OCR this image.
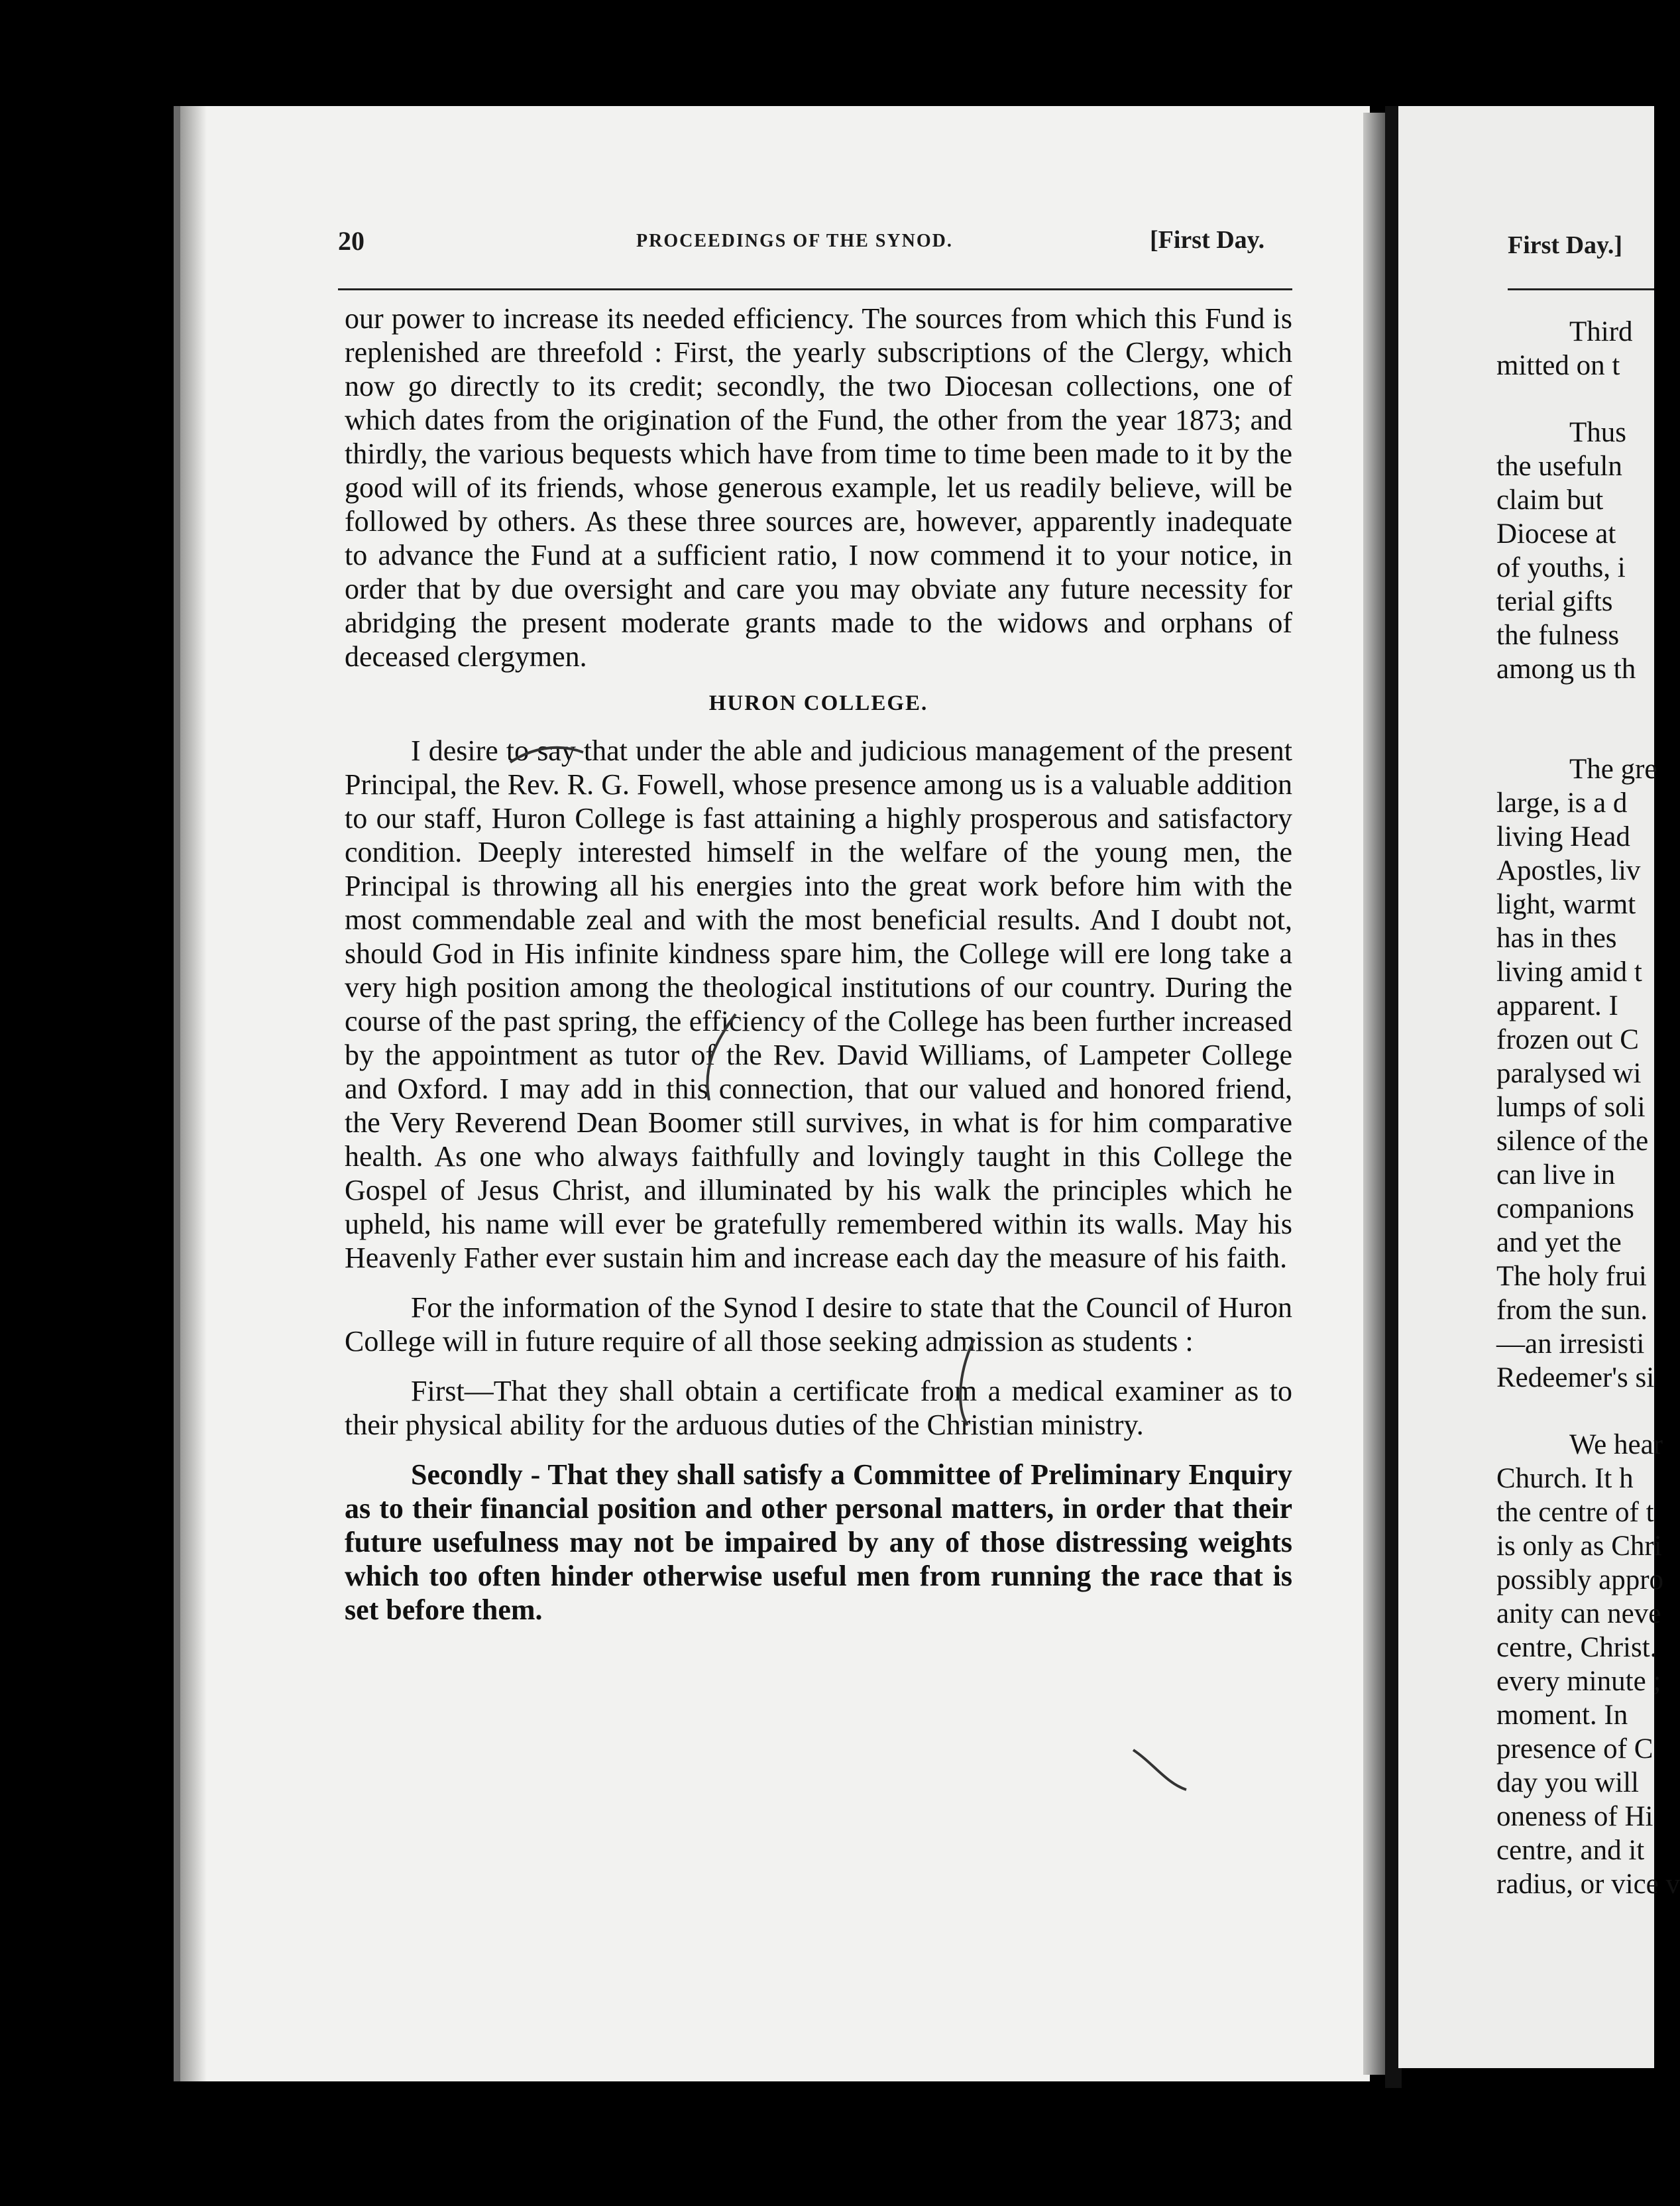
20	PROCEEDINGS OF THE SYNOD.	[First Day.

our power to increase its needed efficiency. The sources from which this Fund is replenished are threefold : First, the yearly subscriptions of the Clergy, which now go directly to its credit; secondly, the two Diocesan collections, one of which dates from the origination of the Fund, the other from the year 1873; and thirdly, the various bequests which have from time to time been made to it by the good will of its friends, whose generous example, let us readily believe, will be followed by others. As these three sources are, however, apparently inadequate to advance the Fund at a sufficient ratio, I now commend it to your notice, in order that by due oversight and care you may obviate any future necessity for abridging the present moderate grants made to the widows and orphans of deceased clergymen.

HURON COLLEGE.

I desire to say that under the able and judicious management of the present Principal, the Rev. R. G. Fowell, whose presence among us is a valuable addition to our staff, Huron College is fast attaining a highly prosperous and satisfactory condition. Deeply interested himself in the welfare of the young men, the Principal is throwing all his energies into the great work before him with the most commendable zeal and with the most beneficial results. And I doubt not, should God in His infinite kindness spare him, the College will ere long take a very high position among the theological institutions of our country. During the course of the past spring, the efficiency of the College has been further increased by the appointment as tutor of the Rev. David Williams, of Lampeter College and Oxford. I may add in this connection, that our valued and honored friend, the Very Reverend Dean Boomer still survives, in what is for him comparative health. As one who always faithfully and lovingly taught in this College the Gospel of Jesus Christ, and illuminated by his walk the principles which he upheld, his name will ever be gratefully remembered within its walls. May his Heavenly Father ever sustain him and increase each day the measure of his faith.

For the information of the Synod I desire to state that the Council of Huron College will in future require of all those seeking admission as students :

First—That they shall obtain a certificate from a medical examiner as to their physical ability for the arduous duties of the Christian ministry.

Secondly - That they shall satisfy a Committee of Preliminary Enquiry as to their financial position and other personal matters, in order that their future usefulness may not be impaired by any of those distressing weights which too often hinder otherwise useful men from running the race that is set before them.

First Day.]
Third
mitted on t
Thus
the usefuln
claim but
Diocese at
of youths, i
terial gifts
the fulness
among us th
The gre
large, is a d
living Head
Apostles, liv
light, warmt
has in thes
living amid t
apparent. I
frozen out C
paralysed wi
lumps of soli
silence of the
can live in
companions
and yet the
The holy frui
from the sun.
—an irresisti
Redeemer's si
We hear
Church. It h
the centre of t
is only as Chri
possibly appro
anity can neve
centre, Christ.
every minute ;
moment. In
presence of C
day you will
oneness of Hi
centre, and it
radius, or vice v
